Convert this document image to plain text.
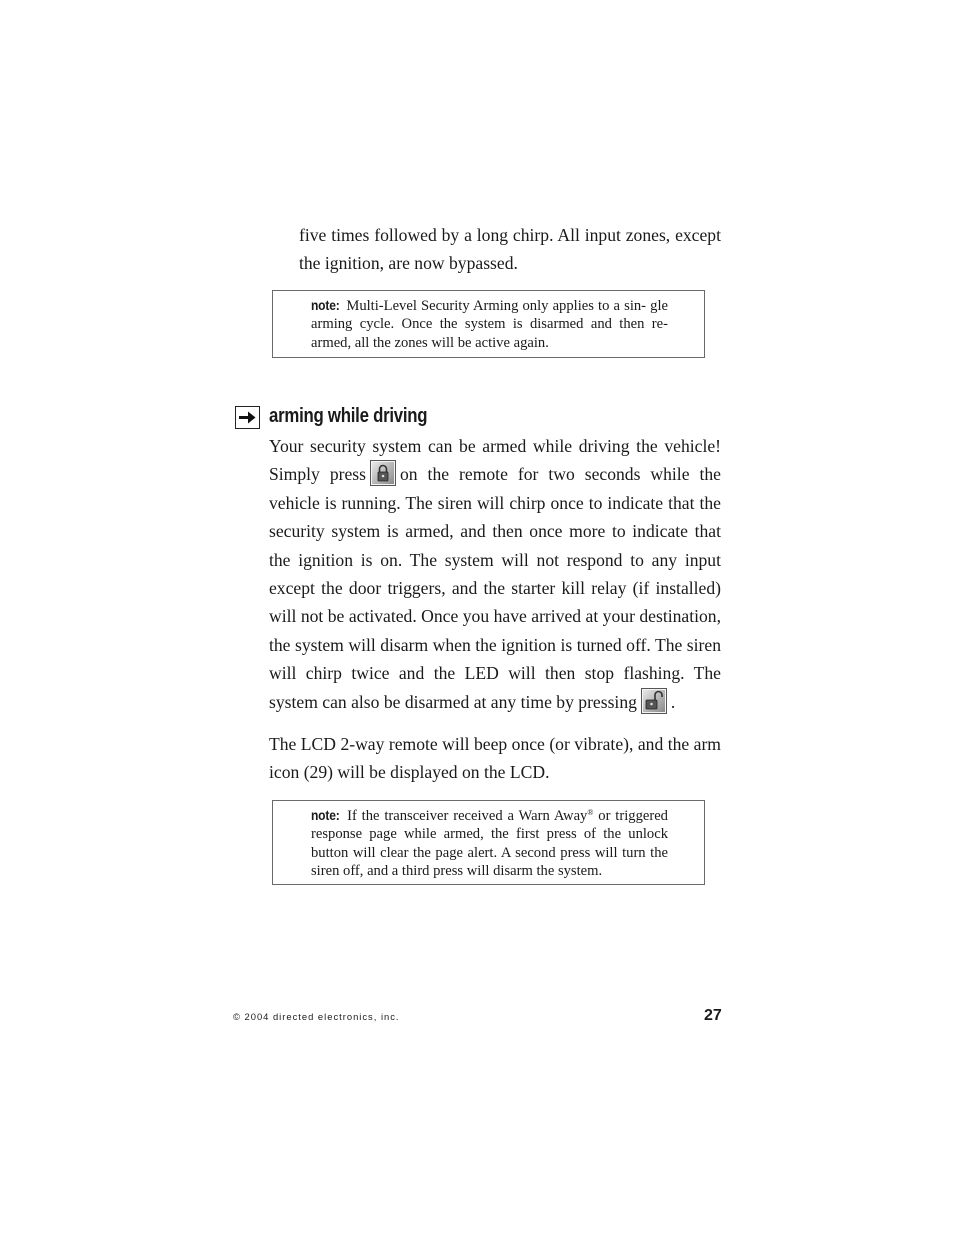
five times followed by a long chirp. All input zones, except the ignition, are now bypassed.

note: Multi-Level Security Arming only applies to a sin- gle arming cycle. Once the system is disarmed and then re-armed, all the zones will be active again.

arming while driving

Your security system can be armed while driving the vehicle! Simply press on the remote for two seconds while the vehicle is running. The siren will chirp once to indicate that the security system is armed, and then once more to indicate that the ignition is on. The system will not respond to any input except the door triggers, and the starter kill relay (if installed) will not be activated. Once you have arrived at your destination, the system will disarm when the ignition is turned off. The siren will chirp twice and the LED will then stop flashing. The system can also be disarmed at any time by pressing .

The LCD 2-way remote will beep once (or vibrate), and the arm icon (29) will be displayed on the LCD.

note: If the transceiver received a Warn Away® or triggered response page while armed, the first press of the unlock button will clear the page alert. A second press will turn the siren off, and a third press will disarm the system.

© 2004 directed electronics, inc.	27
